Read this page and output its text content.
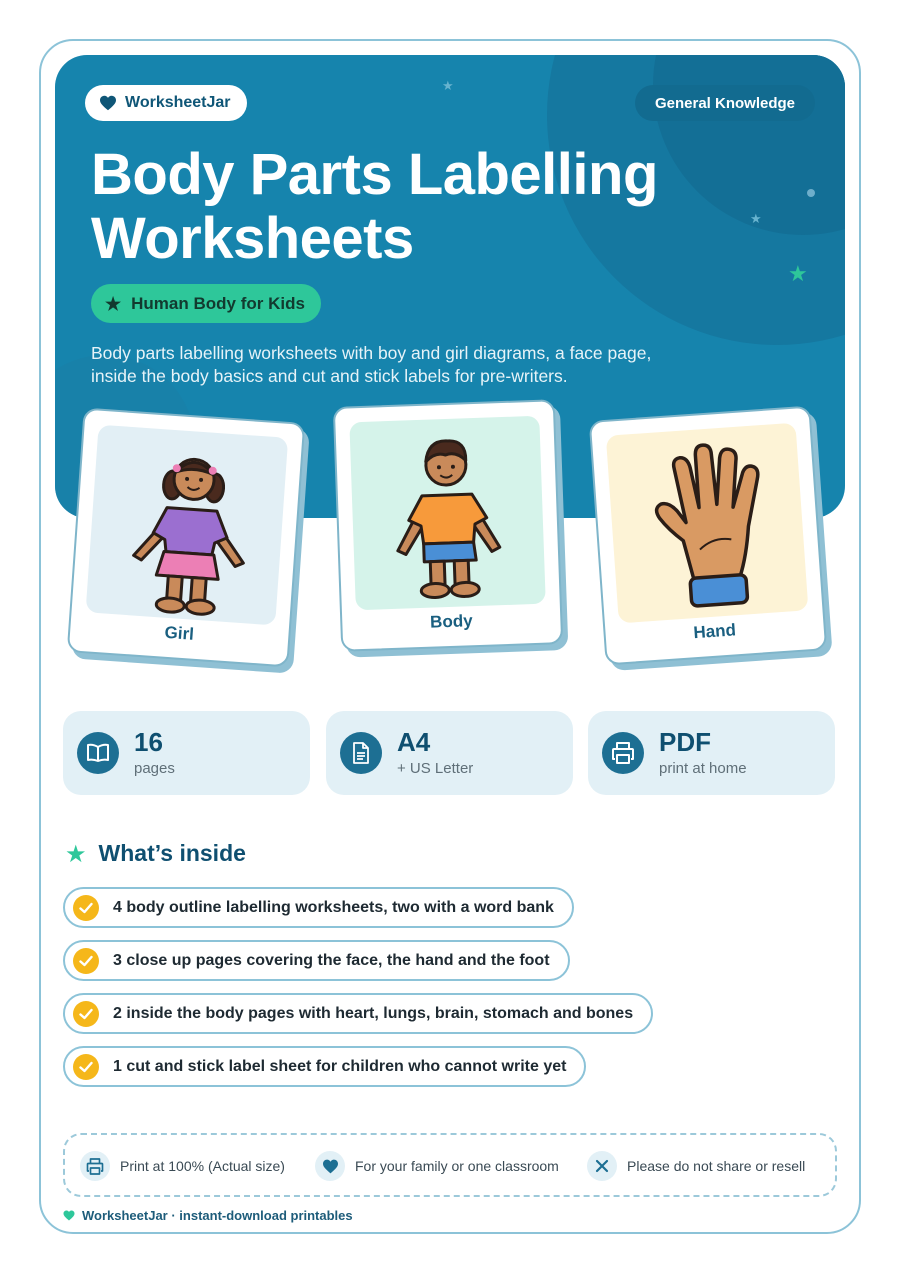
★
★
★
WorksheetJar	General Knowledge
Body Parts Labelling
Worksheets
★ Human Body for Kids
Body parts labelling worksheets with boy and girl diagrams, a face page, inside the body basics and cut and stick labels for pre-writers.
Girl
Body	Hand
16
pages
A4
+ US Letter
PDF
print at home
★ What’s inside
4 body outline labelling worksheets, two with a word bank
3 close up pages covering the face, the hand and the foot
2 inside the body pages with heart, lungs, brain, stomach and bones
1 cut and stick label sheet for children who cannot write yet
Print at 100% (Actual size)	For your family or one classroom	Please do not share or resell
WorksheetJar · instant-download printables
